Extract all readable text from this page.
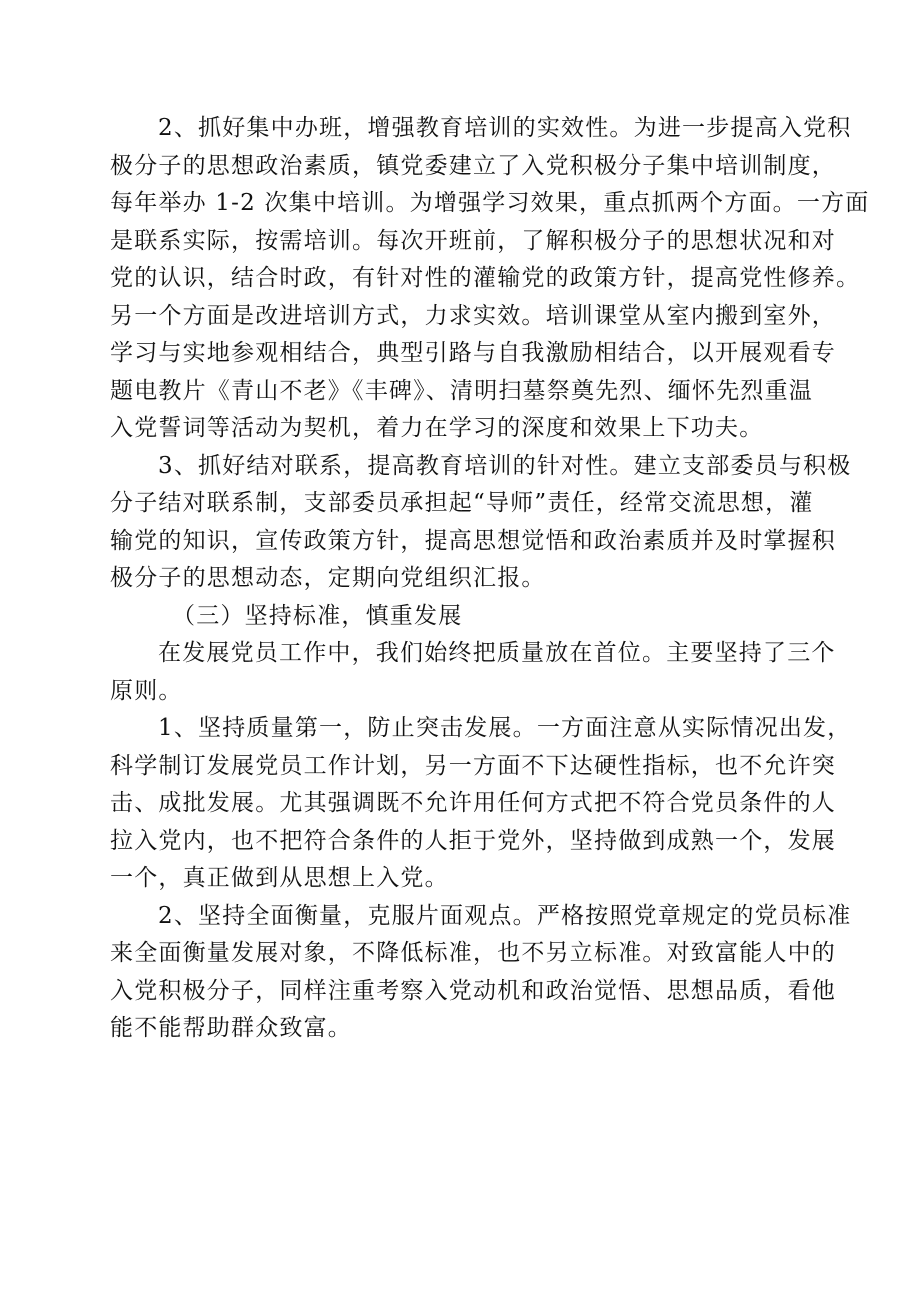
2、抓好集中办班，增强教育培训的实效性。为进一步提高入党积
极分子的思想政治素质，镇党委建立了入党积极分子集中培训制度，
每年举办 1-2 次集中培训。为增强学习效果，重点抓两个方面。一方面
是联系实际，按需培训。每次开班前，了解积极分子的思想状况和对
党的认识，结合时政，有针对性的灌输党的政策方针，提高党性修养。
另一个方面是改进培训方式，力求实效。培训课堂从室内搬到室外，
学习与实地参观相结合，典型引路与自我激励相结合，以开展观看专
题电教片《青山不老》《丰碑》、清明扫墓祭奠先烈、缅怀先烈重温
入党誓词等活动为契机，着力在学习的深度和效果上下功夫。
3、抓好结对联系，提高教育培训的针对性。建立支部委员与积极
分子结对联系制，支部委员承担起“导师”责任，经常交流思想，灌
输党的知识，宣传政策方针，提高思想觉悟和政治素质并及时掌握积
极分子的思想动态，定期向党组织汇报。
（三）坚持标准，慎重发展
在发展党员工作中，我们始终把质量放在首位。主要坚持了三个
原则。
1、坚持质量第一，防止突击发展。一方面注意从实际情况出发，
科学制订发展党员工作计划，另一方面不下达硬性指标，也不允许突
击、成批发展。尤其强调既不允许用任何方式把不符合党员条件的人
拉入党内，也不把符合条件的人拒于党外，坚持做到成熟一个，发展
一个，真正做到从思想上入党。
2、坚持全面衡量，克服片面观点。严格按照党章规定的党员标准
来全面衡量发展对象，不降低标准，也不另立标准。对致富能人中的
入党积极分子，同样注重考察入党动机和政治觉悟、思想品质，看他
能不能帮助群众致富。
